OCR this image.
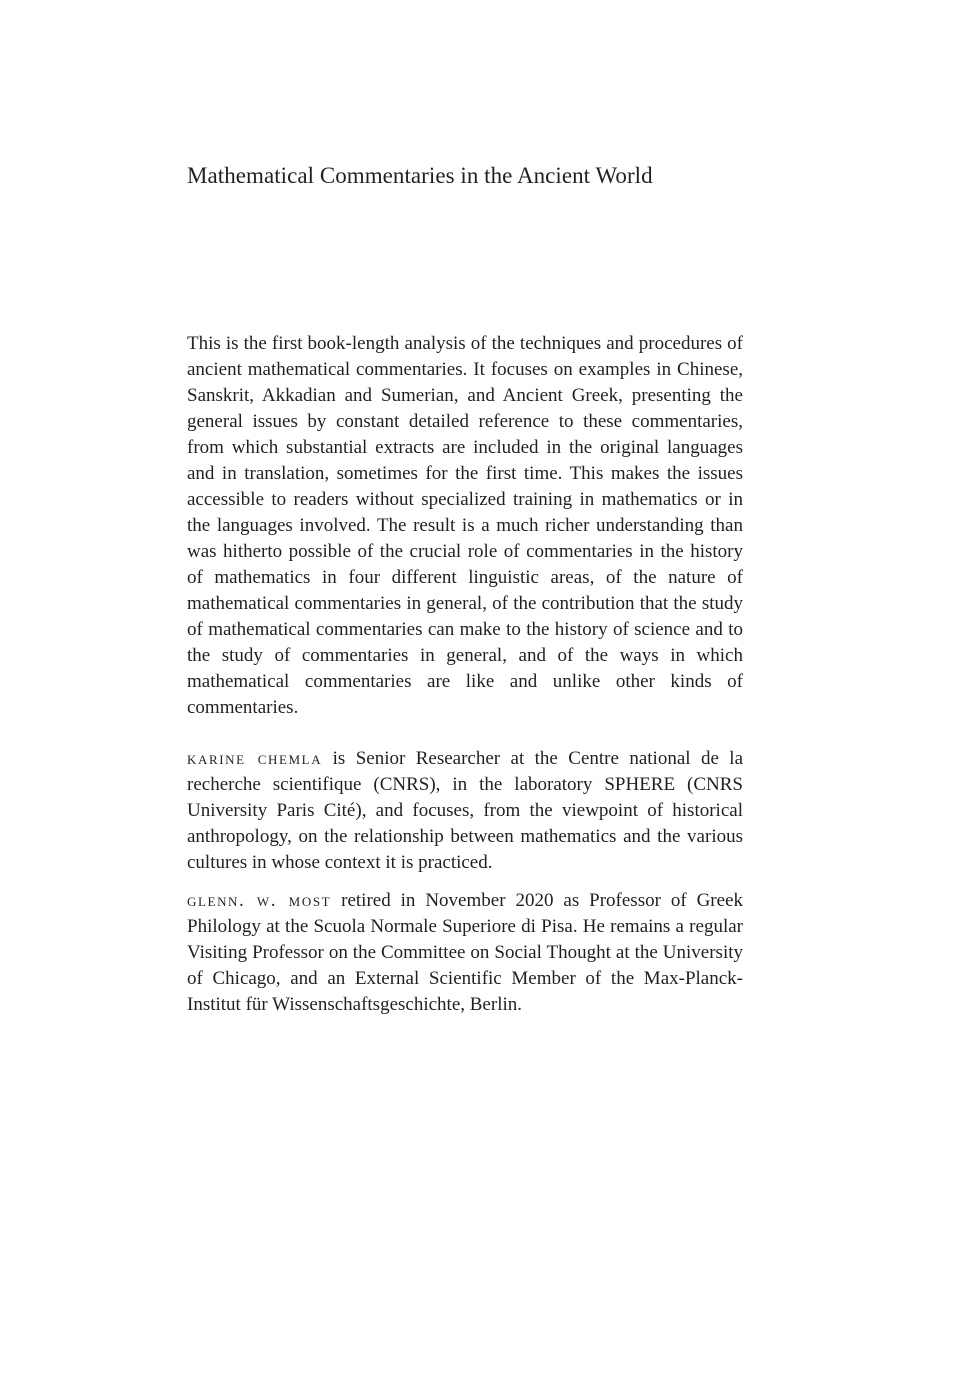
Mathematical Commentaries in the Ancient World

This is the first book-length analysis of the techniques and procedures of ancient mathematical commentaries. It focuses on examples in Chinese, Sanskrit, Akkadian and Sumerian, and Ancient Greek, presenting the general issues by constant detailed reference to these commentaries, from which substantial extracts are included in the original languages and in translation, sometimes for the first time. This makes the issues accessible to readers without specialized training in mathematics or in the languages involved. The result is a much richer understanding than was hitherto possible of the crucial role of commentaries in the history of mathematics in four different linguistic areas, of the nature of mathematical commentaries in general, of the contribution that the study of mathematical commentaries can make to the history of science and to the study of commentaries in general, and of the ways in which mathematical commentaries are like and unlike other kinds of commentaries.

karine chemla is Senior Researcher at the Centre national de la recherche scientifique (CNRS), in the laboratory SPHERE (CNRS University Paris Cité), and focuses, from the viewpoint of historical anthropology, on the relationship between mathematics and the various cultures in whose context it is practiced.

glenn. w. most retired in November 2020 as Professor of Greek Philology at the Scuola Normale Superiore di Pisa. He remains a regular Visiting Professor on the Committee on Social Thought at the University of Chicago, and an External Scientific Member of the Max-Planck-Institut für Wissenschaftsgeschichte, Berlin.
